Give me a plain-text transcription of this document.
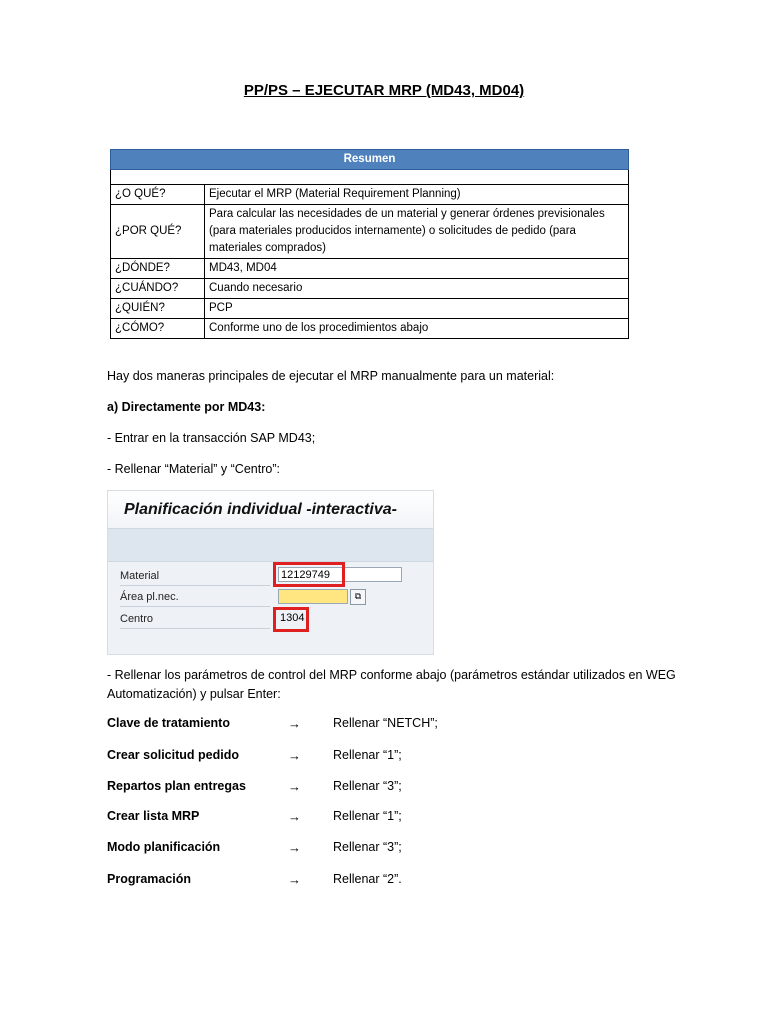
PP/PS – EJECUTAR MRP (MD43, MD04)
Resumen	

¿O QUÉ?	Ejecutar el MRP (Material Requirement Planning)
¿POR QUÉ?	Para calcular las necesidades de un material y generar órdenes previsionales (para materiales producidos internamente) o solicitudes de pedido (para materiales comprados)
¿DÓNDE?	MD43, MD04
¿CUÁNDO?	Cuando necesario
¿QUIÉN?	PCP
¿CÓMO?	Conforme uno de los procedimientos abajo
Hay dos maneras principales de ejecutar el MRP manualmente para un material:
a) Directamente por MD43:
- Entrar en la transacción SAP MD43;
- Rellenar “Material” y “Centro”:
Planificación individual -interactiva-
Material	12129749
Área pl.nec.	⧉
Centro	1304
- Rellenar los parámetros de control del MRP conforme abajo (parámetros estándar utilizados en WEG Automatización) y pulsar Enter:
Clave de tratamiento	→	Rellenar “NETCH”;
Crear solicitud pedido	→	Rellenar “1”;
Repartos plan entregas	→	Rellenar “3”;
Crear lista MRP	→	Rellenar “1”;
Modo planificación	→	Rellenar “3”;
Programación	→	Rellenar “2”.
